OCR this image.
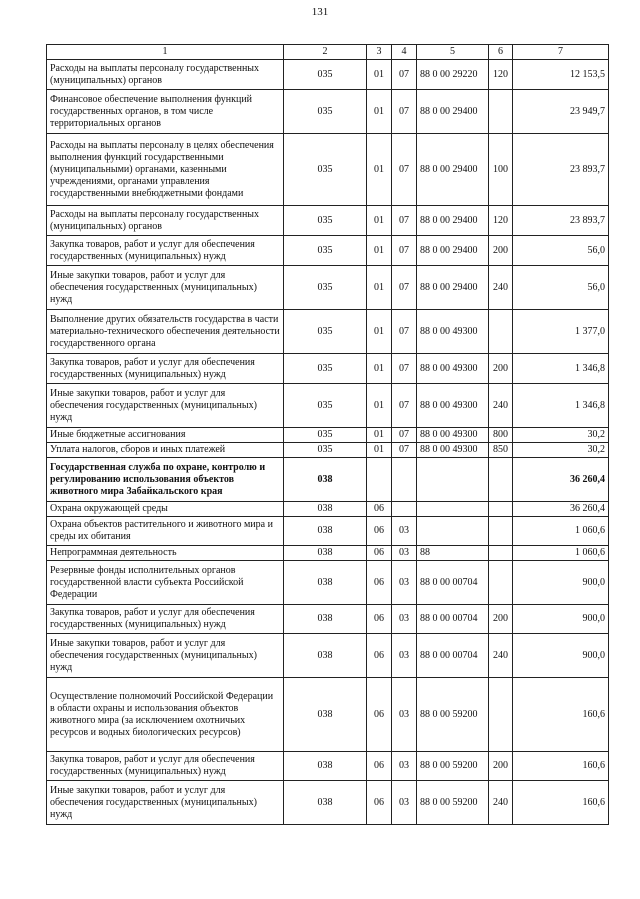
131
1	2	3	4	5	6	7
Расходы на выплаты персоналу государственных (муниципальных) органов	035	01	07	88 0 00 29220	120	12 153,5
Финансовое обеспечение выполнения функций государственных органов, в том числе территориальных органов	035	01	07	88 0 00 29400		23 949,7
Расходы на выплаты персоналу в целях обеспечения выполнения функций государственными (муниципальными) органами, казенными учреждениями, органами управления государственными внебюджетными фондами	035	01	07	88 0 00 29400	100	23 893,7
Расходы на выплаты персоналу государственных (муниципальных) органов	035	01	07	88 0 00 29400	120	23 893,7
Закупка товаров, работ и услуг для обеспечения государственных (муниципальных) нужд	035	01	07	88 0 00 29400	200	56,0
Иные закупки товаров, работ и услуг для обеспечения государственных (муниципальных) нужд	035	01	07	88 0 00 29400	240	56,0
Выполнение других обязательств государства в части материально-технического обеспечения деятельности государственного органа	035	01	07	88 0 00 49300		1 377,0
Закупка товаров, работ и услуг для обеспечения государственных (муниципальных) нужд	035	01	07	88 0 00 49300	200	1 346,8
Иные закупки товаров, работ и услуг для обеспечения государственных (муниципальных) нужд	035	01	07	88 0 00 49300	240	1 346,8
Иные бюджетные ассигнования	035	01	07	88 0 00 49300	800	30,2
Уплата налогов, сборов и иных платежей	035	01	07	88 0 00 49300	850	30,2
Государственная служба по охране, контролю и регулированию использования объектов животного мира Забайкальского края	038					36 260,4
Охрана окружающей среды	038	06				36 260,4
Охрана объектов растительного и животного мира и среды их обитания	038	06	03			1 060,6
Непрограммная деятельность	038	06	03	88		1 060,6
Резервные фонды исполнительных органов государственной власти субъекта Российской Федерации	038	06	03	88 0 00 00704		900,0
Закупка товаров, работ и услуг для обеспечения государственных (муниципальных) нужд	038	06	03	88 0 00 00704	200	900,0
Иные закупки товаров, работ и услуг для обеспечения государственных (муниципальных) нужд	038	06	03	88 0 00 00704	240	900,0
Осуществление полномочий Российской Федерации в области охраны и использования объектов животного мира (за исключением охотничьих ресурсов и водных биологических ресурсов)	038	06	03	88 0 00 59200		160,6
Закупка товаров, работ и услуг для обеспечения государственных (муниципальных) нужд	038	06	03	88 0 00 59200	200	160,6
Иные закупки товаров, работ и услуг для обеспечения государственных (муниципальных) нужд	038	06	03	88 0 00 59200	240	160,6
